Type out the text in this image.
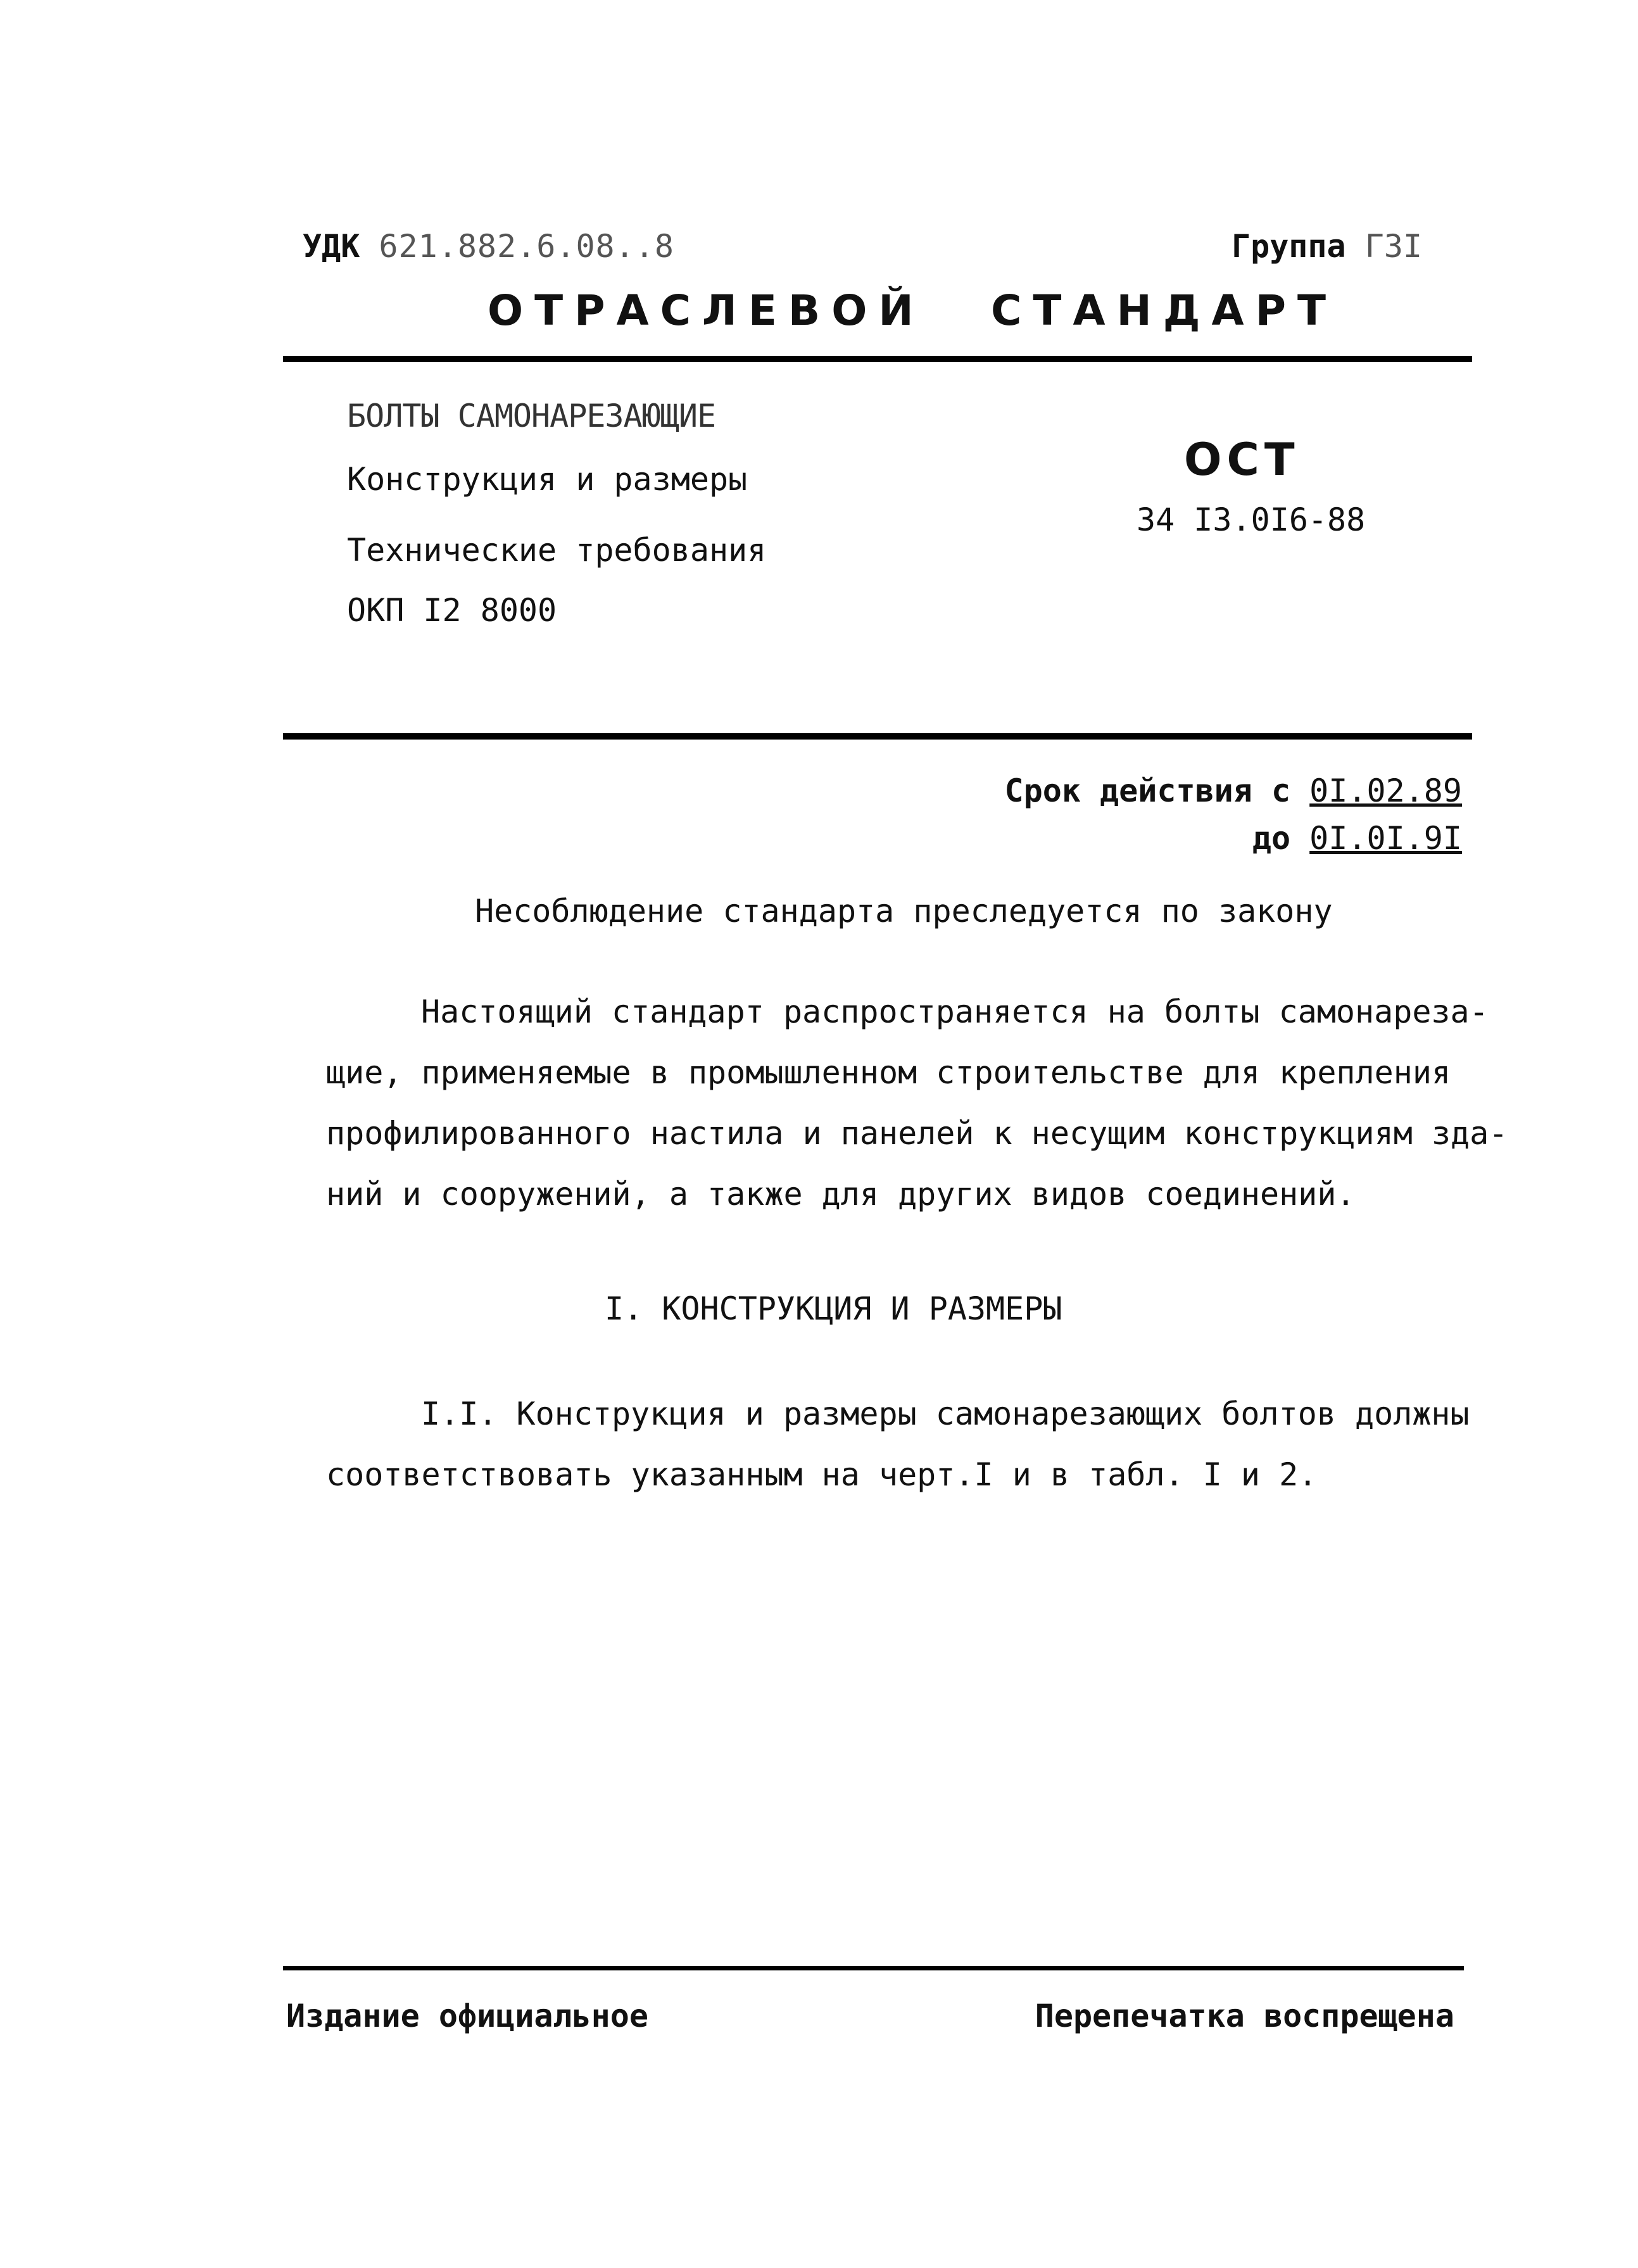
УДК 621.882.6.08..8	Группа Г3I
ОТРАСЛЕВОЙ СТАНДАРТ
БОЛТЫ САМОНАРЕЗАЮЩИЕ
Конструкция и размеры
Технические требования
ОКП I2 8000
ОСТ
34 I3.0I6-88
Срок действия с 0I.02.89
до 0I.0I.9I
Несоблюдение стандарта преследуется по закону
Настоящий стандарт распространяется на болты самонареза-
щие, применяемые в промышленном строительстве для крепления
профилированного настила и панелей к несущим конструкциям зда-
ний и сооружений, а также для других видов соединений.
I. КОНСТРУКЦИЯ И РАЗМЕРЫ
I.I. Конструкция и размеры самонарезающих болтов должны
соответствовать указанным на черт.I и в табл. I и 2.
Издание официальное	Перепечатка воспрещена
